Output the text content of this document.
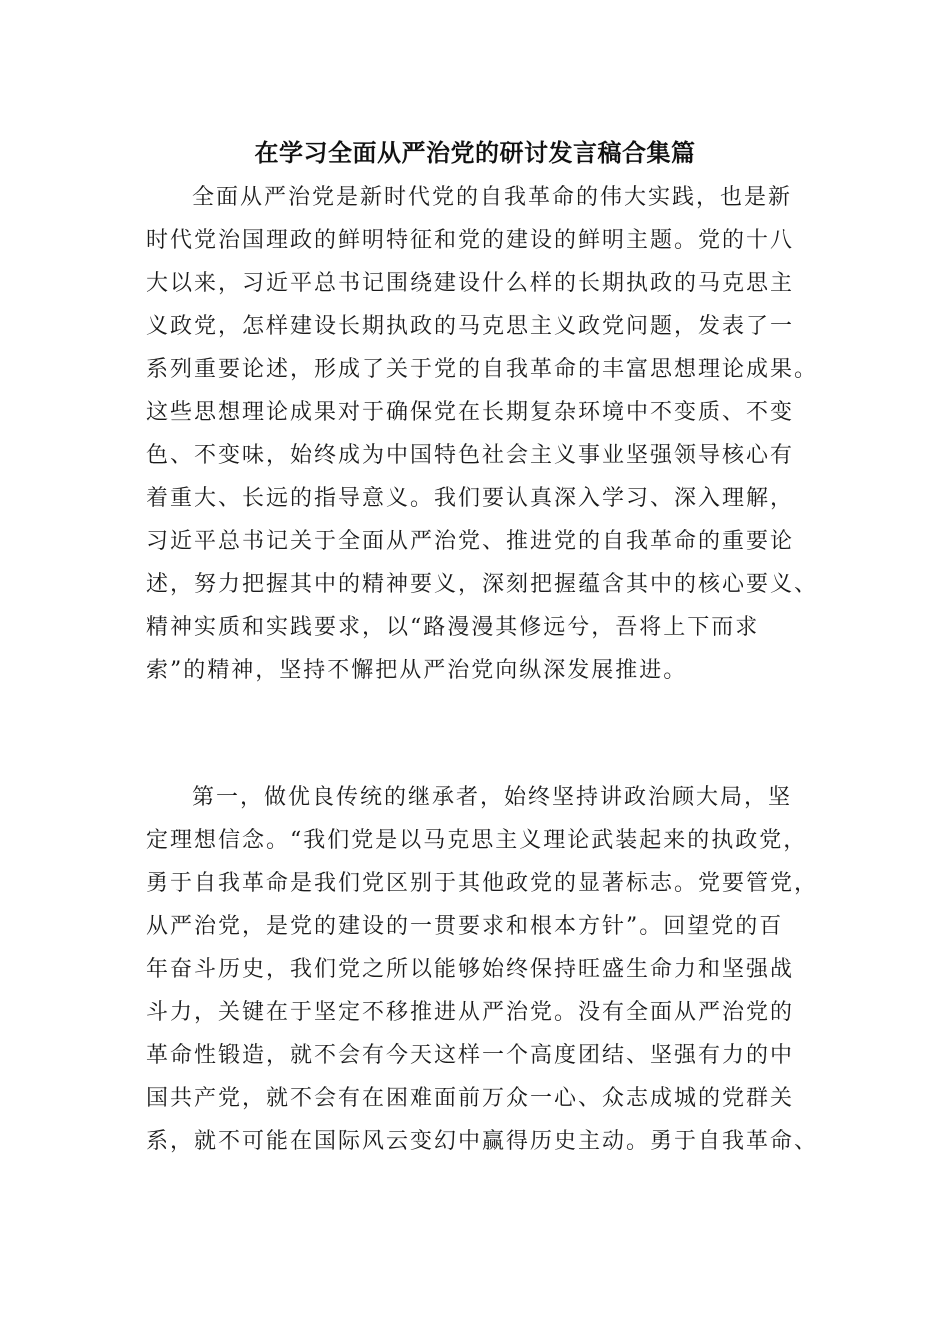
在学习全面从严治党的研讨发言稿合集篇
全面从严治党是新时代党的自我革命的伟大实践，也是新
时代党治国理政的鲜明特征和党的建设的鲜明主题。党的十八
大以来，习近平总书记围绕建设什么样的长期执政的马克思主
义政党，怎样建设长期执政的马克思主义政党问题，发表了一
系列重要论述，形成了关于党的自我革命的丰富思想理论成果。
这些思想理论成果对于确保党在长期复杂环境中不变质、不变
色、不变味，始终成为中国特色社会主义事业坚强领导核心有
着重大、长远的指导意义。我们要认真深入学习、深入理解，
习近平总书记关于全面从严治党、推进党的自我革命的重要论
述，努力把握其中的精神要义，深刻把握蕴含其中的核心要义、
精神实质和实践要求，以“路漫漫其修远兮，吾将上下而求
索”的精神，坚持不懈把从严治党向纵深发展推进。
第一，做优良传统的继承者，始终坚持讲政治顾大局，坚
定理想信念。“我们党是以马克思主义理论武装起来的执政党，
勇于自我革命是我们党区别于其他政党的显著标志。党要管党，
从严治党，是党的建设的一贯要求和根本方针”。回望党的百
年奋斗历史，我们党之所以能够始终保持旺盛生命力和坚强战
斗力，关键在于坚定不移推进从严治党。没有全面从严治党的
革命性锻造，就不会有今天这样一个高度团结、坚强有力的中
国共产党，就不会有在困难面前万众一心、众志成城的党群关
系，就不可能在国际风云变幻中赢得历史主动。勇于自我革命、
